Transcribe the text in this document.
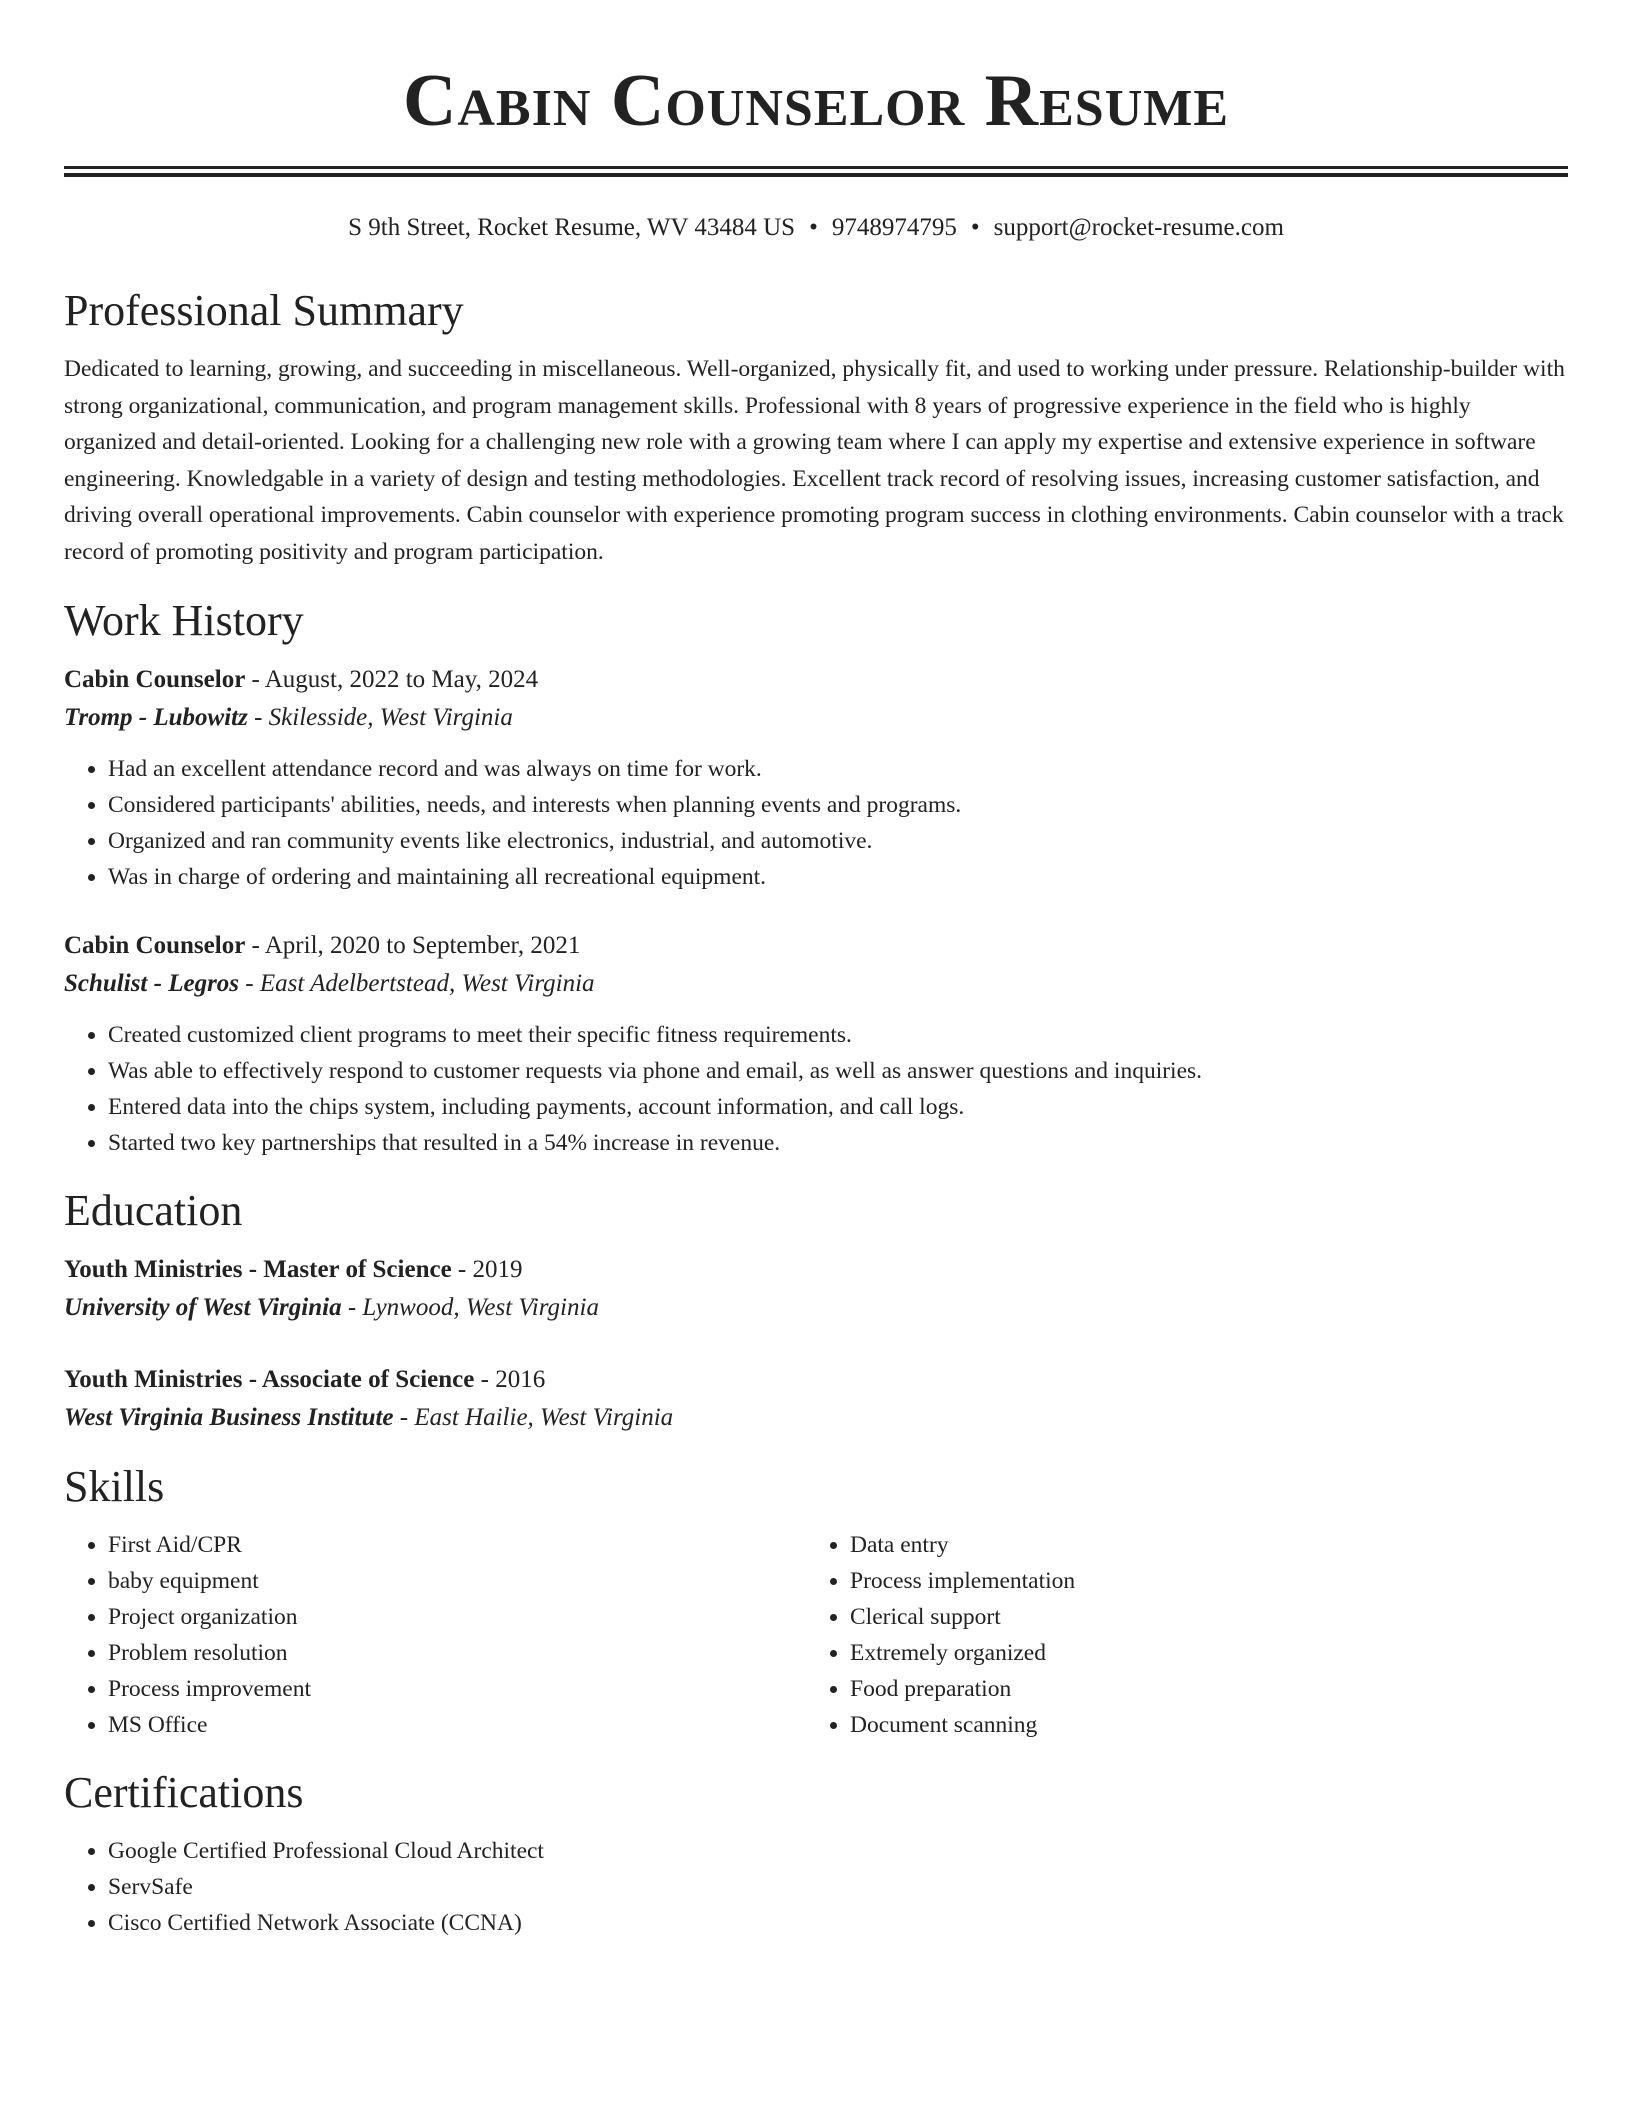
Cabin Counselor Resume
S 9th Street, Rocket Resume, WV 43484 US • 9748974795 • support@rocket-resume.com
Professional Summary
Dedicated to learning, growing, and succeeding in miscellaneous. Well-organized, physically fit, and used to working under pressure. Relationship-builder with strong organizational, communication, and program management skills. Professional with 8 years of progressive experience in the field who is highly organized and detail-oriented. Looking for a challenging new role with a growing team where I can apply my expertise and extensive experience in software engineering. Knowledgable in a variety of design and testing methodologies. Excellent track record of resolving issues, increasing customer satisfaction, and driving overall operational improvements. Cabin counselor with experience promoting program success in clothing environments. Cabin counselor with a track record of promoting positivity and program participation.
Work History
Cabin Counselor - August, 2022 to May, 2024
Tromp - Lubowitz - Skilesside, West Virginia
• Had an excellent attendance record and was always on time for work.
• Considered participants' abilities, needs, and interests when planning events and programs.
• Organized and ran community events like electronics, industrial, and automotive.
• Was in charge of ordering and maintaining all recreational equipment.
Cabin Counselor - April, 2020 to September, 2021
Schulist - Legros - East Adelbertstead, West Virginia
• Created customized client programs to meet their specific fitness requirements.
• Was able to effectively respond to customer requests via phone and email, as well as answer questions and inquiries.
• Entered data into the chips system, including payments, account information, and call logs.
• Started two key partnerships that resulted in a 54% increase in revenue.
Education
Youth Ministries - Master of Science - 2019
University of West Virginia - Lynwood, West Virginia
Youth Ministries - Associate of Science - 2016
West Virginia Business Institute - East Hailie, West Virginia
Skills
• First Aid/CPR
• baby equipment
• Project organization
• Problem resolution
• Process improvement
• MS Office
• Data entry
• Process implementation
• Clerical support
• Extremely organized
• Food preparation
• Document scanning
Certifications
• Google Certified Professional Cloud Architect
• ServSafe
• Cisco Certified Network Associate (CCNA)
